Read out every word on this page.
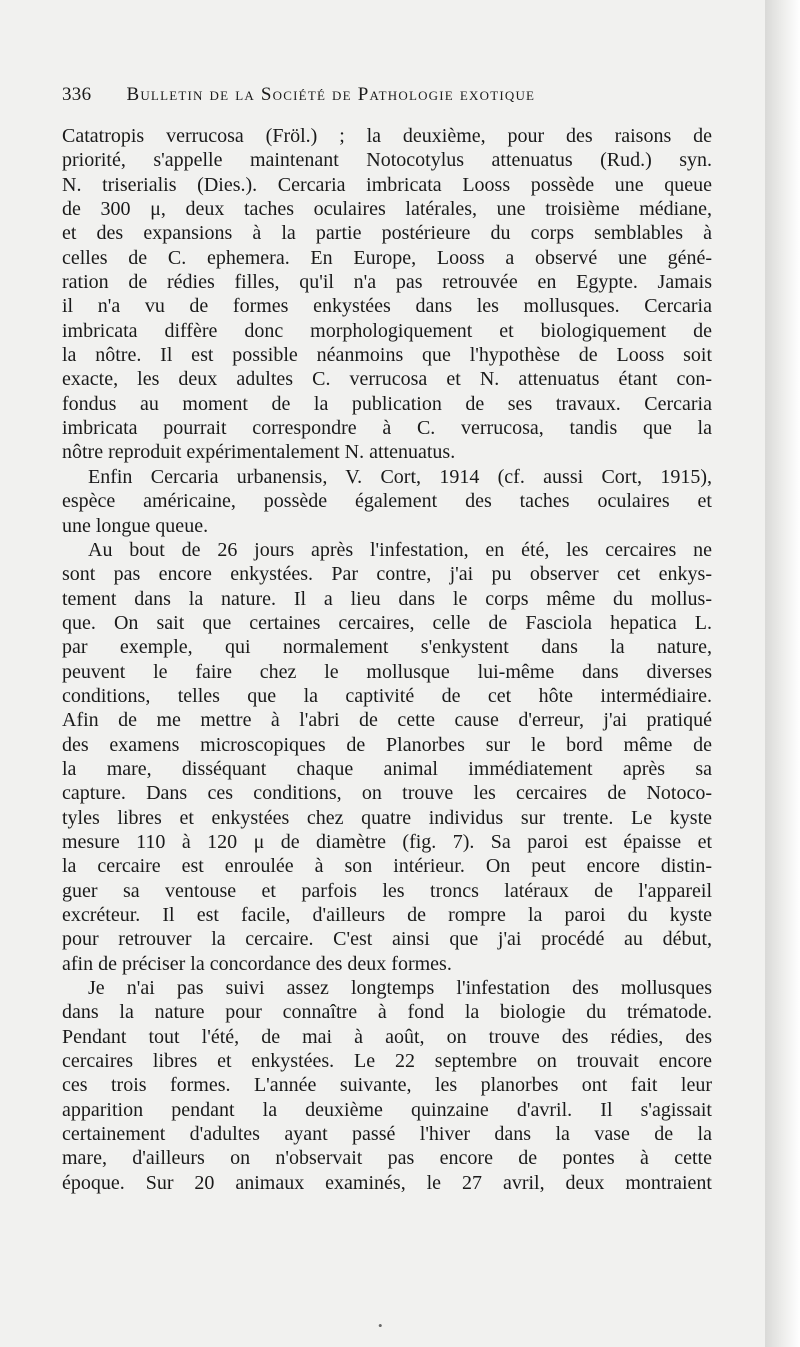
336 Bulletin de la Société de Pathologie exotique
Catatropis verrucosa (Fröl.) ; la deuxième, pour des raisons de
priorité, s'appelle maintenant Notocotylus attenuatus (Rud.) syn.
N. triserialis (Dies.). Cercaria imbricata Looss possède une queue
de 300 μ, deux taches oculaires latérales, une troisième médiane,
et des expansions à la partie postérieure du corps semblables à
celles de C. ephemera. En Europe, Looss a observé une géné-
ration de rédies filles, qu'il n'a pas retrouvée en Egypte. Jamais
il n'a vu de formes enkystées dans les mollusques. Cercaria
imbricata diffère donc morphologiquement et biologiquement de
la nôtre. Il est possible néanmoins que l'hypothèse de Looss soit
exacte, les deux adultes C. verrucosa et N. attenuatus étant con-
fondus au moment de la publication de ses travaux. Cercaria
imbricata pourrait correspondre à C. verrucosa, tandis que la
nôtre reproduit expérimentalement N. attenuatus.
Enfin Cercaria urbanensis, V. Cort, 1914 (cf. aussi Cort, 1915),
espèce américaine, possède également des taches oculaires et
une longue queue.
Au bout de 26 jours après l'infestation, en été, les cercaires ne
sont pas encore enkystées. Par contre, j'ai pu observer cet enkys-
tement dans la nature. Il a lieu dans le corps même du mollus-
que. On sait que certaines cercaires, celle de Fasciola hepatica L.
par exemple, qui normalement s'enkystent dans la nature,
peuvent le faire chez le mollusque lui-même dans diverses
conditions, telles que la captivité de cet hôte intermédiaire.
Afin de me mettre à l'abri de cette cause d'erreur, j'ai pratiqué
des examens microscopiques de Planorbes sur le bord même de
la mare, disséquant chaque animal immédiatement après sa
capture. Dans ces conditions, on trouve les cercaires de Notoco-
tyles libres et enkystées chez quatre individus sur trente. Le kyste
mesure 110 à 120 μ de diamètre (fig. 7). Sa paroi est épaisse et
la cercaire est enroulée à son intérieur. On peut encore distin-
guer sa ventouse et parfois les troncs latéraux de l'appareil
excréteur. Il est facile, d'ailleurs de rompre la paroi du kyste
pour retrouver la cercaire. C'est ainsi que j'ai procédé au début,
afin de préciser la concordance des deux formes.
Je n'ai pas suivi assez longtemps l'infestation des mollusques
dans la nature pour connaître à fond la biologie du trématode.
Pendant tout l'été, de mai à août, on trouve des rédies, des
cercaires libres et enkystées. Le 22 septembre on trouvait encore
ces trois formes. L'année suivante, les planorbes ont fait leur
apparition pendant la deuxième quinzaine d'avril. Il s'agissait
certainement d'adultes ayant passé l'hiver dans la vase de la
mare, d'ailleurs on n'observait pas encore de pontes à cette
époque. Sur 20 animaux examinés, le 27 avril, deux montraient
•
